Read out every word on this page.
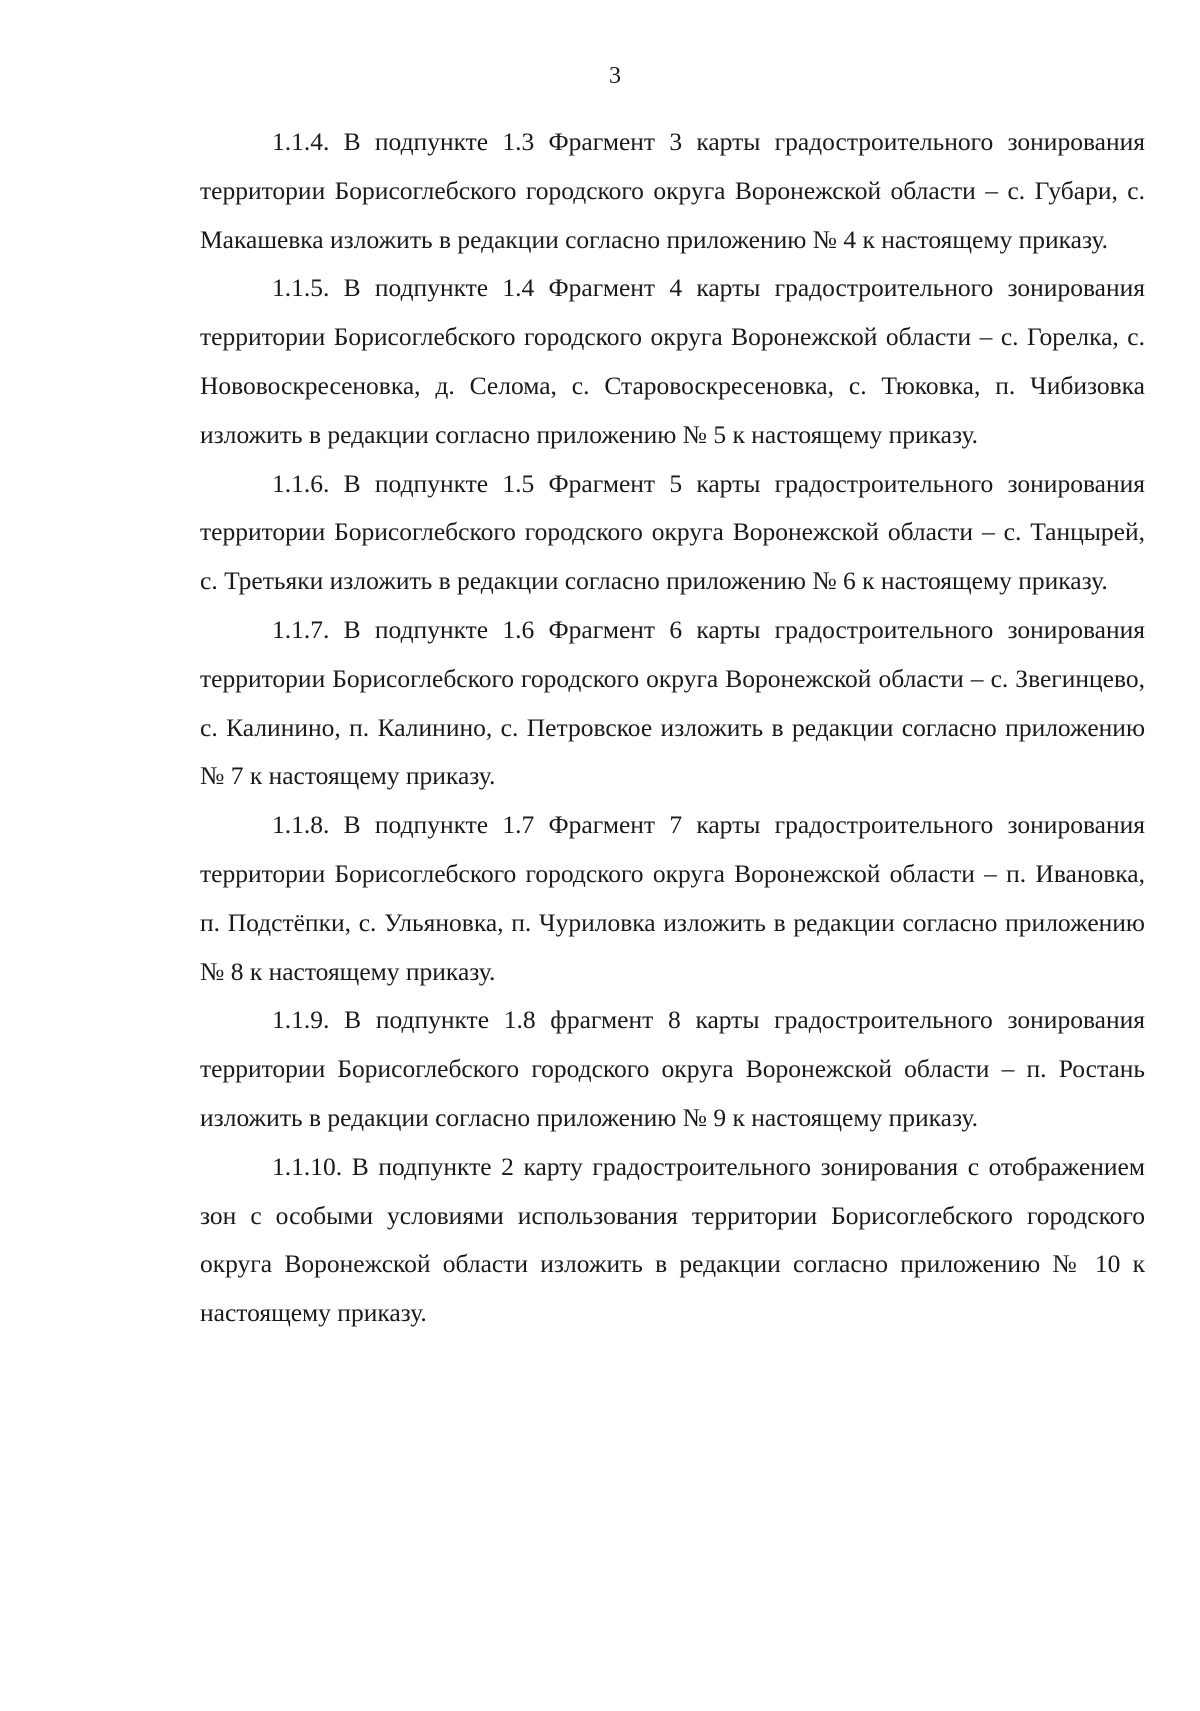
3

1.1.4. В подпункте 1.3 Фрагмент 3 карты градостроительного зонирования территории Борисоглебского городского округа Воронежской области – с. Губари, с. Макашевка изложить в редакции согласно приложению № 4 к настоящему приказу.

1.1.5. В подпункте 1.4 Фрагмент 4 карты градостроительного зонирования территории Борисоглебского городского округа Воронежской области – с. Горелка, с. Нововоскресеновка, д. Селома, с. Старовоскресеновка, с. Тюковка, п. Чибизовка изложить в редакции согласно приложению № 5 к настоящему приказу.

1.1.6. В подпункте 1.5 Фрагмент 5 карты градостроительного зонирования территории Борисоглебского городского округа Воронежской области – с. Танцырей, с. Третьяки изложить в редакции согласно приложению № 6 к настоящему приказу.

1.1.7. В подпункте 1.6 Фрагмент 6 карты градостроительного зонирования территории Борисоглебского городского округа Воронежской области – с. Звегинцево, с. Калинино, п. Калинино, с. Петровское изложить в редакции согласно приложению № 7 к настоящему приказу.

1.1.8. В подпункте 1.7 Фрагмент 7 карты градостроительного зонирования территории Борисоглебского городского округа Воронежской области – п. Ивановка, п. Подстёпки, с. Ульяновка, п. Чуриловка изложить в редакции согласно приложению № 8 к настоящему приказу.

1.1.9. В подпункте 1.8 фрагмент 8 карты градостроительного зонирования территории Борисоглебского городского округа Воронежской области – п. Ростань изложить в редакции согласно приложению № 9 к настоящему приказу.

1.1.10. В подпункте 2 карту градостроительного зонирования с отображением зон с особыми условиями использования территории Борисоглебского городского округа Воронежской области изложить в редакции согласно приложению № 10 к настоящему приказу.
